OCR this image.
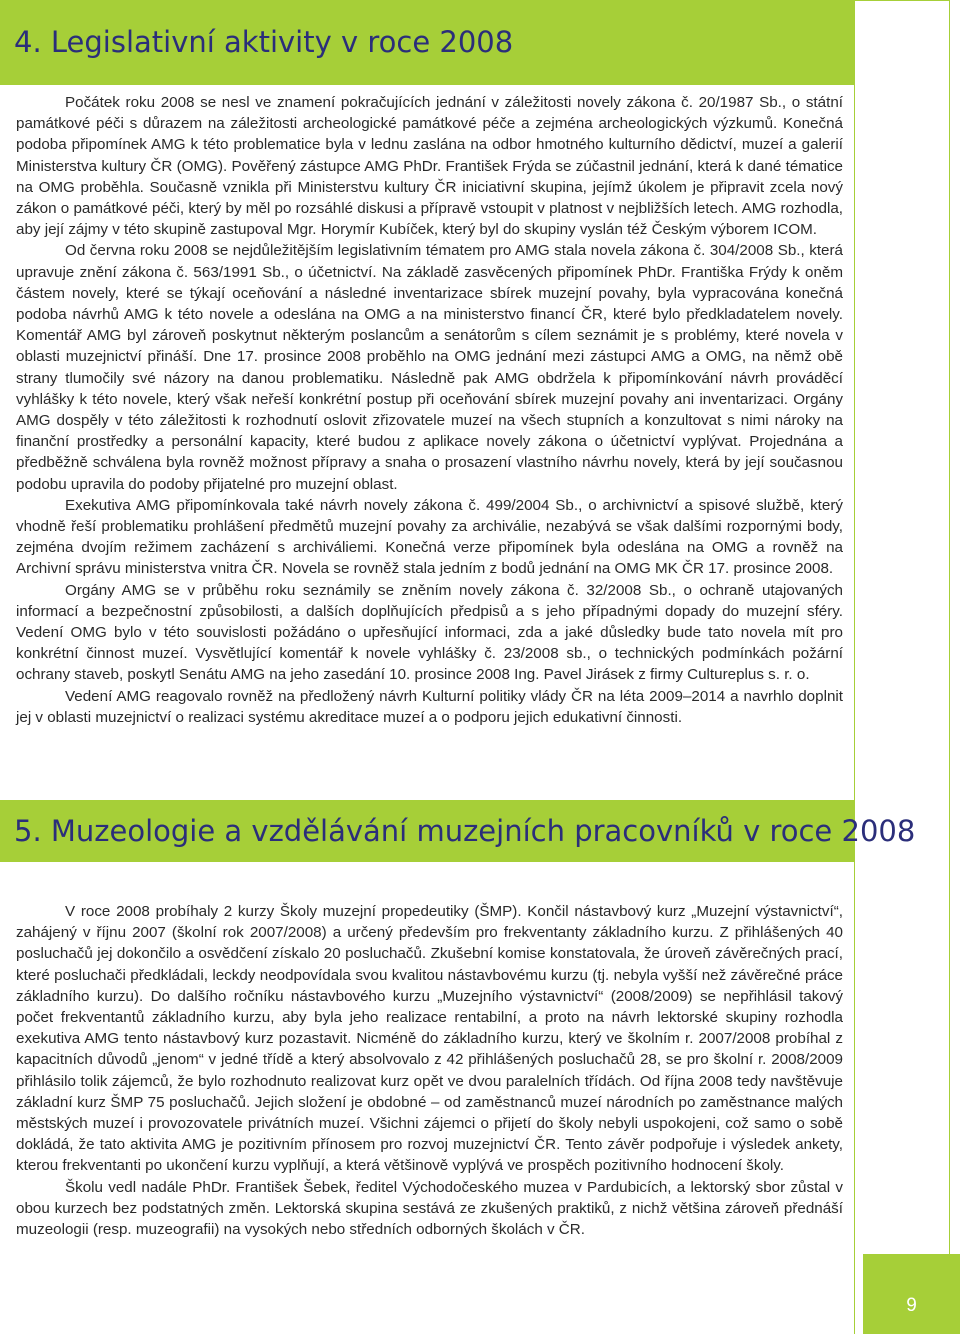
4. Legislativní aktivity v roce 2008

Počátek roku 2008 se nesl ve znamení pokračujících jednání v záležitosti novely zákona č. 20/1987 Sb., o státní památkové péči s důrazem na záležitosti archeologické památkové péče a zejména archeologických výzkumů. Konečná podoba připomínek AMG k této problematice byla v lednu zaslána na odbor hmotného kulturního dědictví, muzeí a galerií Ministerstva kultury ČR (OMG). Pověřený zástupce AMG PhDr. František Frýda se zúčastnil jednání, která k dané tématice na OMG proběhla. Současně vznikla při Ministerstvu kultury ČR iniciativní skupina, jejímž úkolem je připravit zcela nový zákon o památkové péči, který by měl po rozsáhlé diskusi a přípravě vstoupit v platnost v nejbližších letech. AMG rozhodla, aby její zájmy v této skupině zastupoval Mgr. Horymír Kubíček, který byl do skupiny vyslán též Českým výborem ICOM.

Od června roku 2008 se nejdůležitějším legislativním tématem pro AMG stala novela zákona č. 304/2008 Sb., která upravuje znění zákona č. 563/1991 Sb., o účetnictví. Na základě zasvěcených připomínek PhDr. Františka Frýdy k oněm částem novely, které se týkají oceňování a následné inventarizace sbírek muzejní povahy, byla vypracována konečná podoba návrhů AMG k této novele a odeslána na OMG a na ministerstvo financí ČR, které bylo předkladatelem novely. Komentář AMG byl zároveň poskytnut některým poslancům a senátorům s cílem seznámit je s problémy, které novela v oblasti muzejnictví přináší. Dne 17. prosince 2008 proběhlo na OMG jednání mezi zástupci AMG a OMG, na němž obě strany tlumočily své názory na danou problematiku. Následně pak AMG obdržela k připomínkování návrh prováděcí vyhlášky k této novele, který však neřeší konkrétní postup při oceňování sbírek muzejní povahy ani inventarizaci. Orgány AMG dospěly v této záležitosti k rozhodnutí oslovit zřizovatele muzeí na všech stupních a konzultovat s nimi nároky na finanční prostředky a personální kapacity, které budou z aplikace novely zákona o účetnictví vyplývat. Projednána a předběžně schválena byla rovněž možnost přípravy a snaha o prosazení vlastního návrhu novely, která by její současnou podobu upravila do podoby přijatelné pro muzejní oblast.

Exekutiva AMG připomínkovala také návrh novely zákona č. 499/2004 Sb., o archivnictví a spisové službě, který vhodně řeší problematiku prohlášení předmětů muzejní povahy za archiválie, nezabývá se však dalšími rozpornými body, zejména dvojím režimem zacházení s archiváliemi. Konečná verze připomínek byla odeslána na OMG a rovněž na Archivní správu ministerstva vnitra ČR. Novela se rovněž stala jedním z bodů jednání na OMG MK ČR 17. prosince 2008.

Orgány AMG se v průběhu roku seznámily se zněním novely zákona č. 32/2008 Sb., o ochraně utajovaných informací a bezpečnostní způsobilosti, a dalších doplňujících předpisů a s jeho případnými dopady do muzejní sféry. Vedení OMG bylo v této souvislosti požádáno o upřesňující informaci, zda a jaké důsledky bude tato novela mít pro konkrétní činnost muzeí. Vysvětlující komentář k novele vyhlášky č. 23/2008 sb., o technických podmínkách požární ochrany staveb, poskytl Senátu AMG na jeho zasedání 10. prosince 2008 Ing. Pavel Jirásek z firmy Cultureplus s. r. o.

Vedení AMG reagovalo rovněž na předložený návrh Kulturní politiky vlády ČR na léta 2009–2014 a navrhlo doplnit jej v oblasti muzejnictví o realizaci systému akreditace muzeí a o podporu jejich edukativní činnosti.

5. Muzeologie a vzdělávání muzejních pracovníků v roce 2008

V roce 2008 probíhaly 2 kurzy Školy muzejní propedeutiky (ŠMP). Končil nástavbový kurz „Muzejní výstavnictví“, zahájený v říjnu 2007 (školní rok 2007/2008) a určený především pro frekventanty základního kurzu. Z přihlášených 40 posluchačů jej dokončilo a osvědčení získalo 20 posluchačů. Zkušební komise konstatovala, že úroveň závěrečných prací, které posluchači předkládali, leckdy neodpovídala svou kvalitou nástavbovému kurzu (tj. nebyla vyšší než závěrečné práce základního kurzu). Do dalšího ročníku nástavbového kurzu „Muzejního výstavnictví“ (2008/2009) se nepřihlásil takový počet frekventantů základního kurzu, aby byla jeho realizace rentabilní, a proto na návrh lektorské skupiny rozhodla exekutiva AMG tento nástavbový kurz pozastavit. Nicméně do základního kurzu, který ve školním r. 2007/2008 probíhal z kapacitních důvodů „jenom“ v jedné třídě a který absolvovalo z 42 přihlášených posluchačů 28, se pro školní r. 2008/2009 přihlásilo tolik zájemců, že bylo rozhodnuto realizovat kurz opět ve dvou paralelních třídách. Od října 2008 tedy navštěvuje základní kurz ŠMP 75 posluchačů. Jejich složení je obdobné – od zaměstnanců muzeí národních po zaměstnance malých městských muzeí i provozovatele privátních muzeí. Všichni zájemci o přijetí do školy nebyli uspokojeni, což samo o sobě dokládá, že tato aktivita AMG je pozitivním přínosem pro rozvoj muzejnictví ČR. Tento závěr podpořuje i výsledek ankety, kterou frekventanti po ukončení kurzu vyplňují, a která většinově vyplývá ve prospěch pozitivního hodnocení školy.

Školu vedl nadále PhDr. František Šebek, ředitel Východočeského muzea v Pardubicích, a lektorský sbor zůstal v obou kurzech bez podstatných změn. Lektorská skupina sestává ze zkušených praktiků, z nichž většina zároveň přednáší muzeologii (resp. muzeografii) na vysokých nebo středních odborných školách v ČR.

9
